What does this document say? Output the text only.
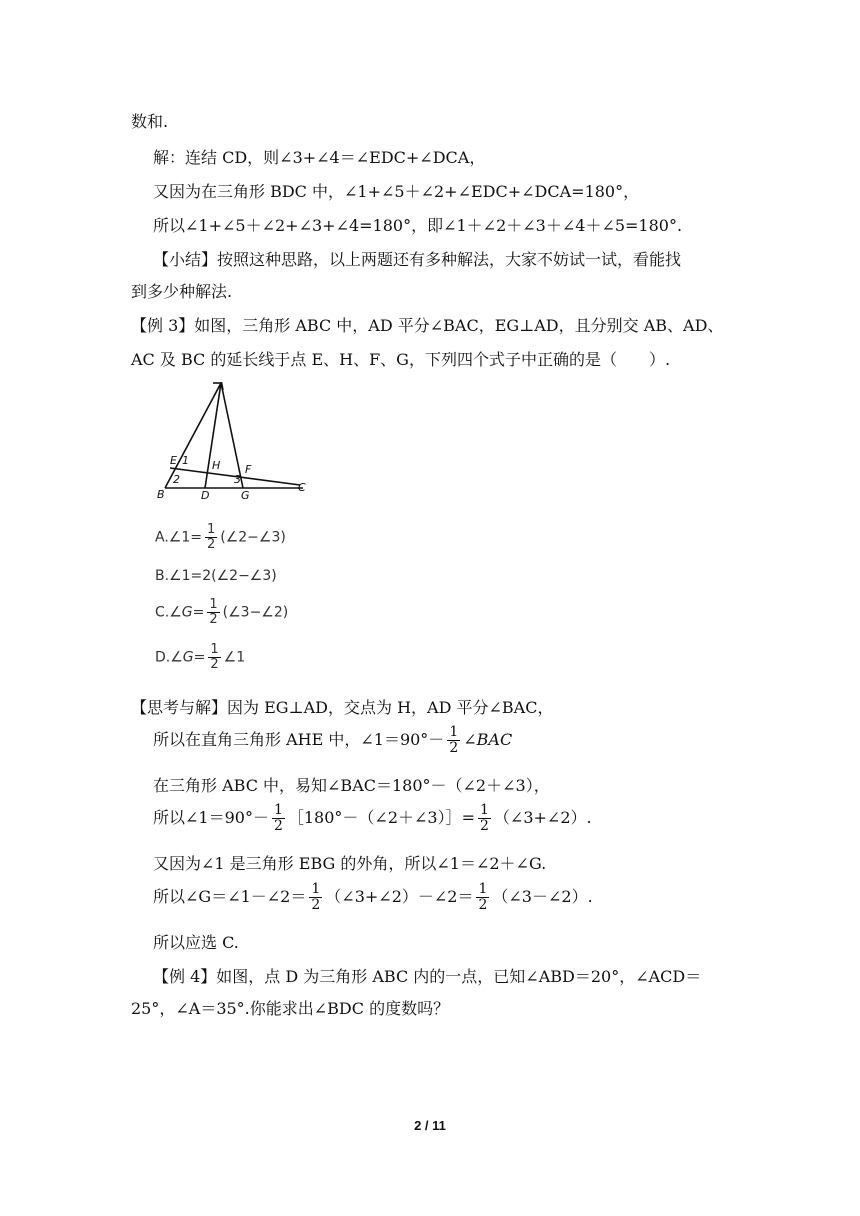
数和.
解：连结 CD，则∠3+∠4＝∠EDC+∠DCA，
又因为在三角形 BDC 中，∠1+∠5＋∠2+∠EDC+∠DCA=180°，
所以∠1+∠5＋∠2+∠3+∠4=180°，即∠1＋∠2＋∠3＋∠4＋∠5=180°.
【小结】按照这种思路，以上两题还有多种解法，大家不妨试一试，看能找
到多少种解法.
【例 3】如图，三角形 ABC 中，AD 平分∠BAC，EG⊥AD，且分别交 AB、AD、
AC 及 BC 的延长线于点 E、H、F、G，下列四个式子中正确的是（　　）.
A
E 1 H F
2	3
B	D	G
C
A.∠1= $\frac{1}{2}$ (∠2−∠3)
B.∠1=2(∠2−∠3)
C.∠G= $\frac{1}{2}$ (∠3−∠2)
D.∠G= $\frac{1}{2}$ ∠1
【思考与解】因为 EG⊥AD，交点为 H，AD 平分∠BAC，
所以在直角三角形 AHE 中，∠1＝90°－ $\frac{1}{2}$ ∠BAC
在三角形 ABC 中，易知∠BAC＝180°－（∠2＋∠3），
所以∠1＝90°－ $\frac{1}{2}$ ［180°－（∠2＋∠3）］= $\frac{1}{2}$ （∠3+∠2）.
又因为∠1 是三角形 EBG 的外角，所以∠1＝∠2＋∠G.
所以∠G＝∠1－∠2＝ $\frac{1}{2}$ （∠3+∠2）－∠2＝ $\frac{1}{2}$ （∠3－∠2）.
所以应选 C.
【例 4】如图，点 D 为三角形 ABC 内的一点，已知∠ABD＝20°，∠ACD＝
25°，∠A＝35°.你能求出∠BDC 的度数吗？
2 / 11
